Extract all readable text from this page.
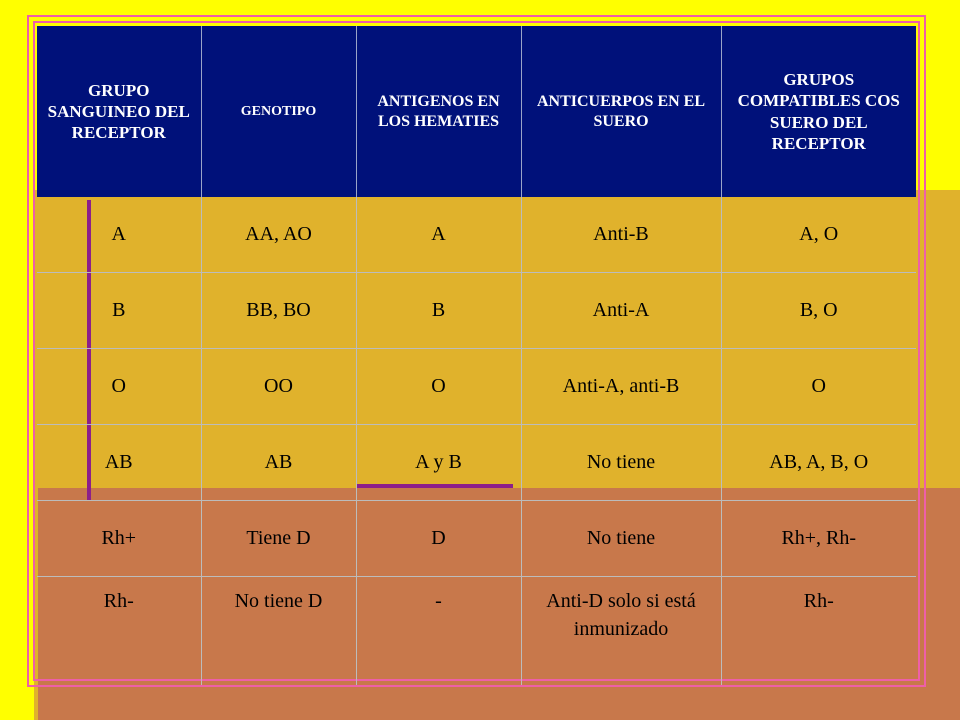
GRUPO SANGUINEO DEL RECEPTOR	GENOTIPO	ANTIGENOS EN LOS HEMATIES	ANTICUERPOS EN EL SUERO	GRUPOS COMPATIBLES COS SUERO DEL RECEPTOR
A	AA, AO	A	Anti-B	A, O
B	BB, BO	B	Anti-A	B, O
O	OO	O	Anti-A, anti-B	O
AB	AB	A y B	No tiene	AB, A, B, O
Rh+	Tiene D	D	No tiene	Rh+, Rh-
Rh-	No tiene D	-	Anti-D solo si está inmunizado	Rh-
